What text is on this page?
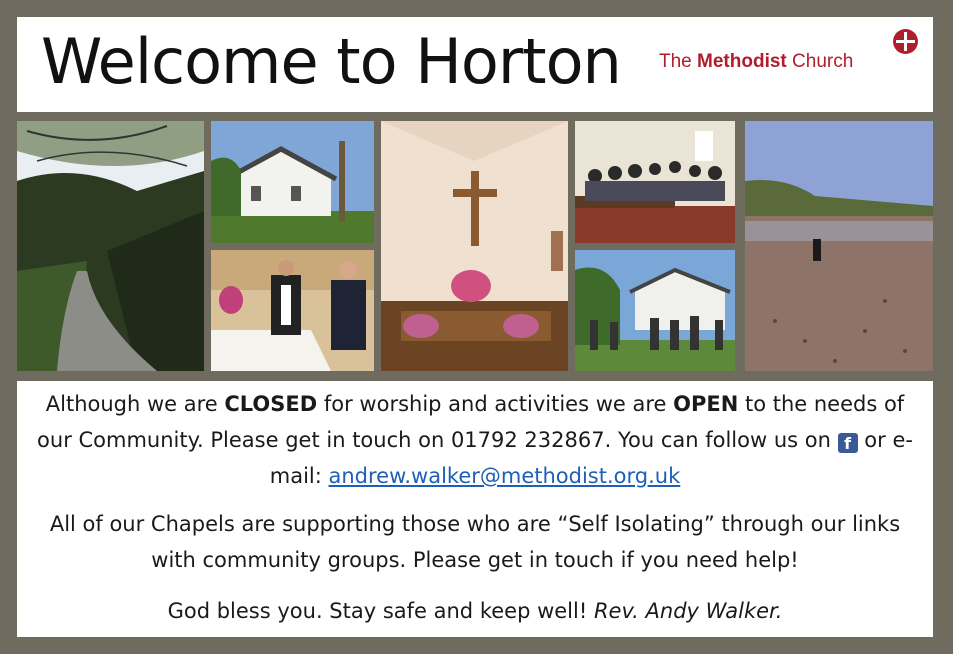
Welcome to Horton The Methodist Church
Although we are CLOSED for worship and activities we are OPEN to the needs of our Community. Please get in touch on 01792 232867. You can follow us on f or e-mail: andrew.walker@methodist.org.uk
All of our Chapels are supporting those who are “Self Isolating” through our links with community groups. Please get in touch if you need help!
God bless you. Stay safe and keep well! Rev. Andy Walker.
